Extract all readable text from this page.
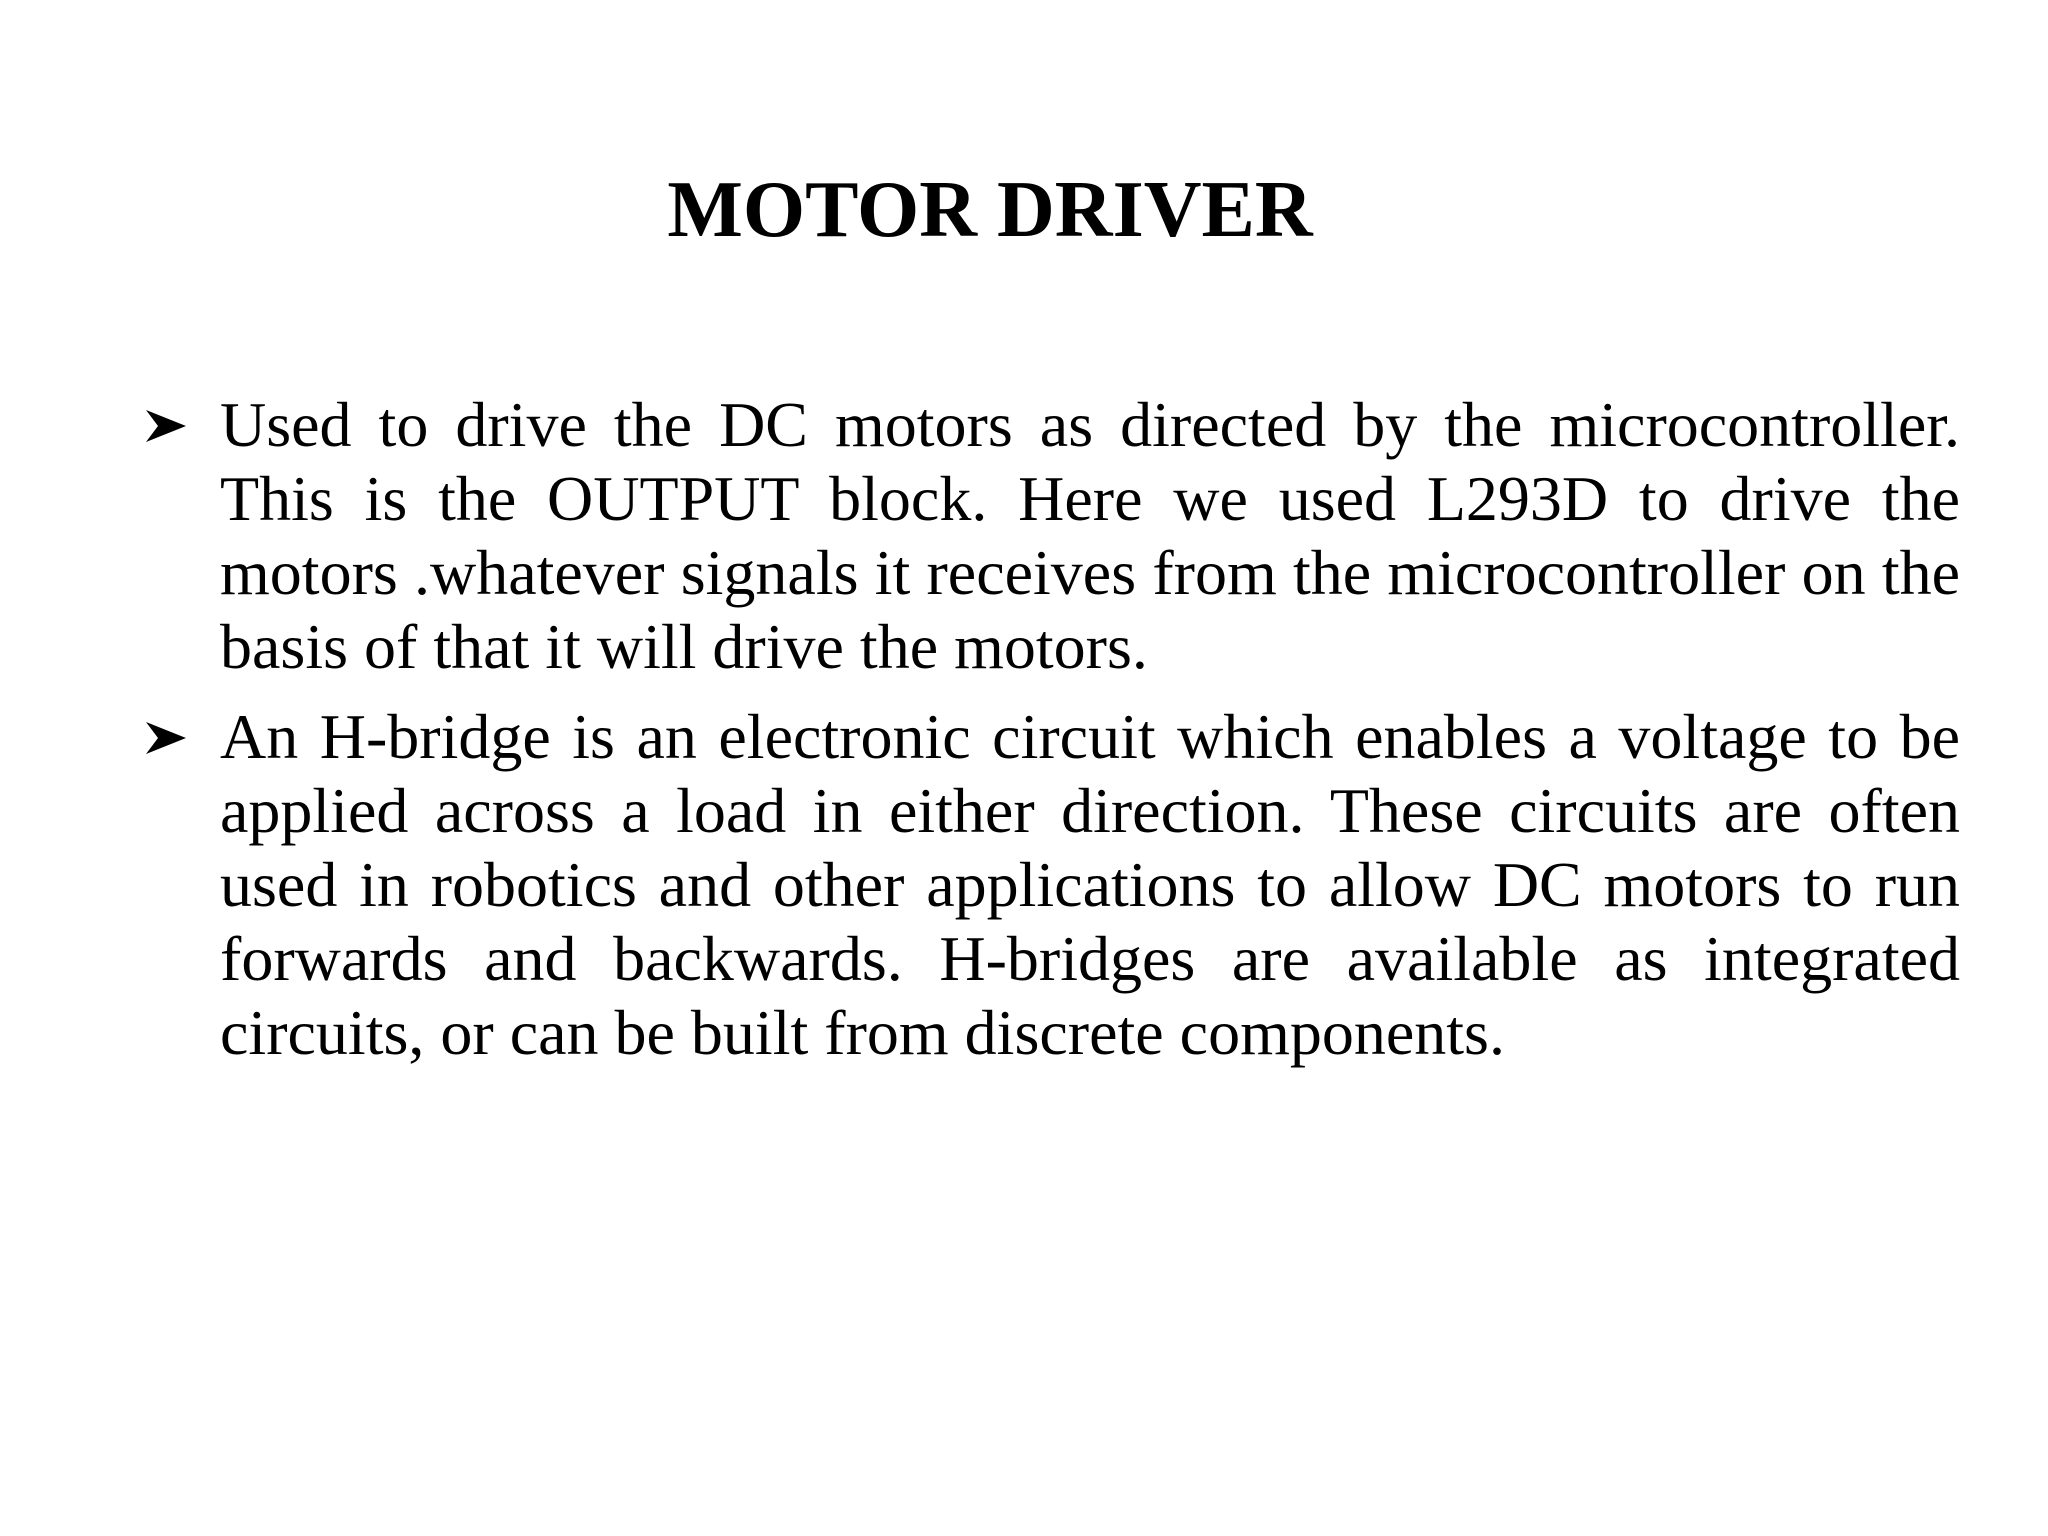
MOTOR DRIVER
Used to drive the DC motors as directed by the microcontroller. This is the OUTPUT block. Here we used L293D to drive the motors .whatever signals it receives from the microcontroller on the basis of that it will drive the motors.
An H-bridge is an electronic circuit which enables a voltage to be applied across a load in either direction. These circuits are often used in robotics and other applications to allow DC motors to run forwards and backwards. H-bridges are available as integrated circuits, or can be built from discrete components.
